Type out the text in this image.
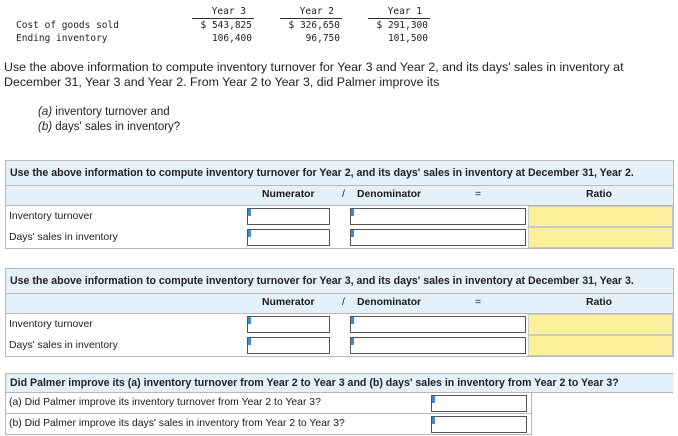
Year 3	Year 2	Year 1
Cost of goods sold	$ 543,825	$ 326,650	$ 291,300
Ending inventory	106,400	96,750	101,500
Use the above information to compute inventory turnover for Year 3 and Year 2, and its days' sales in inventory at December 31, Year 3 and Year 2. From Year 2 to Year 3, did Palmer improve its
(a) inventory turnover and
(b) days' sales in inventory?
Use the above information to compute inventory turnover for Year 2, and its days' sales in inventory at December 31, Year 2.
Numerator	/ Denominator	=	Ratio
Inventory turnover
Days' sales in inventory
Use the above information to compute inventory turnover for Year 3, and its days' sales in inventory at December 31, Year 3.
Numerator	/ Denominator	=	Ratio
Inventory turnover
Days' sales in inventory
Did Palmer improve its (a) inventory turnover from Year 2 to Year 3 and (b) days' sales in inventory from Year 2 to Year 3?
(a) Did Palmer improve its inventory turnover from Year 2 to Year 3?
(b) Did Palmer improve its days' sales in inventory from Year 2 to Year 3?
